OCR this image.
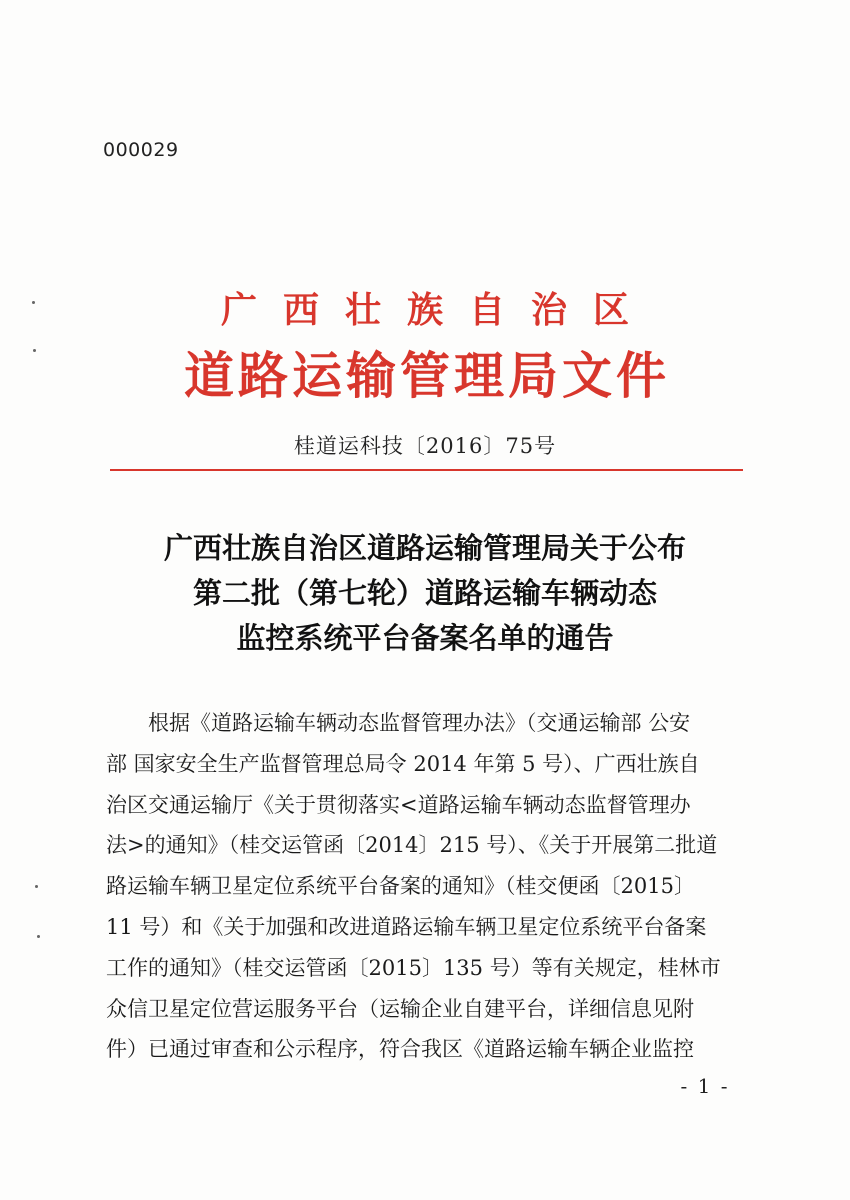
000029
广西壮族自治区
道路运输管理局文件
桂道运科技〔2016〕75号
广西壮族自治区道路运输管理局关于公布
第二批（第七轮）道路运输车辆动态
监控系统平台备案名单的通告
　　根据《道路运输车辆动态监督管理办法》（交通运输部 公安
部 国家安全生产监督管理总局令 2014 年第 5 号）、广西壮族自
治区交通运输厅《关于贯彻落实<道路运输车辆动态监督管理办
法>的通知》（桂交运管函〔2014〕215 号）、《关于开展第二批道
路运输车辆卫星定位系统平台备案的通知》（桂交便函〔2015〕
11 号）和《关于加强和改进道路运输车辆卫星定位系统平台备案
工作的通知》（桂交运管函〔2015〕135 号）等有关规定，桂林市
众信卫星定位营运服务平台（运输企业自建平台，详细信息见附
件）已通过审查和公示程序，符合我区《道路运输车辆企业监控
- 1 -
